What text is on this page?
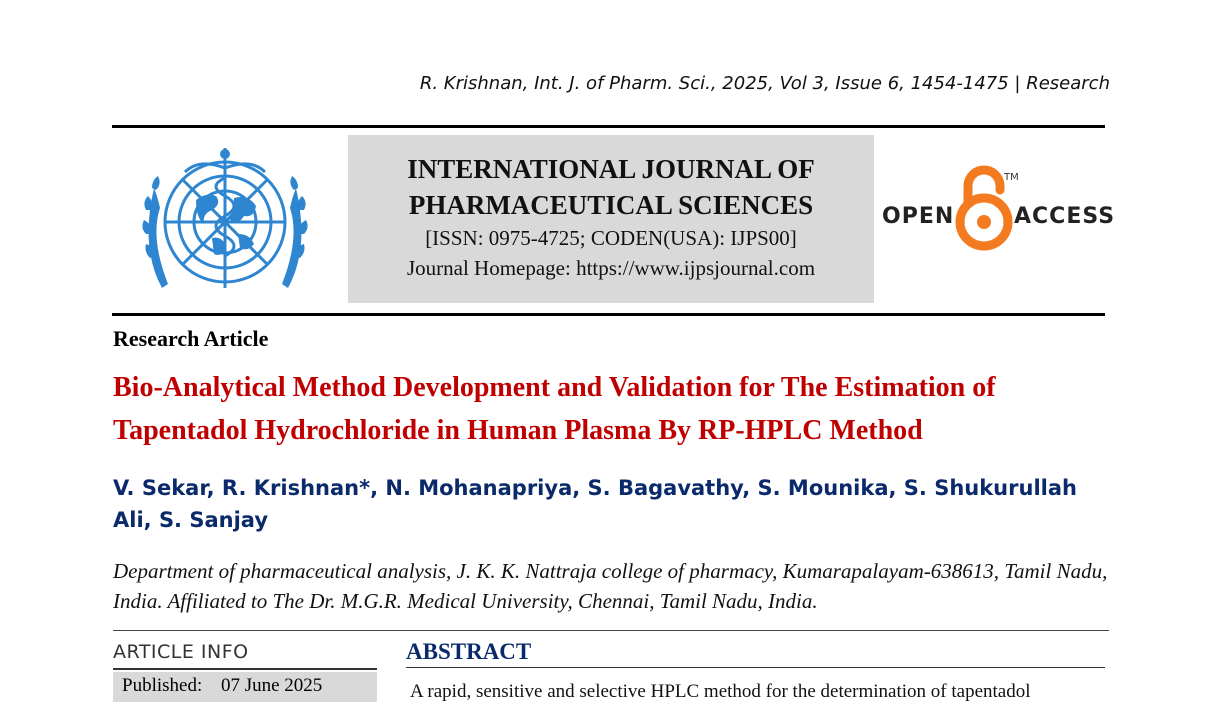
R. Krishnan, Int. J. of Pharm. Sci., 2025, Vol 3, Issue 6, 1454-1475 | Research
INTERNATIONAL JOURNAL OF
PHARMACEUTICAL SCIENCES
[ISSN: 0975-4725; CODEN(USA): IJPS00]
Journal Homepage: https://www.ijpsjournal.com
OPEN
TM
ACCESS
Research Article
Bio-Analytical Method Development and Validation for The Estimation of Tapentadol Hydrochloride in Human Plasma By RP-HPLC Method
V. Sekar, R. Krishnan*, N. Mohanapriya, S. Bagavathy, S. Mounika, S. Shukurullah Ali, S. Sanjay
Department of pharmaceutical analysis, J. K. K. Nattraja college of pharmacy, Kumarapalayam-638613, Tamil Nadu, India. Affiliated to The Dr. M.G.R. Medical University, Chennai, Tamil Nadu, India.
ARTICLE INFO
Published: 07 June 2025
ABSTRACT
A rapid, sensitive and selective HPLC method for the determination of tapentadol
